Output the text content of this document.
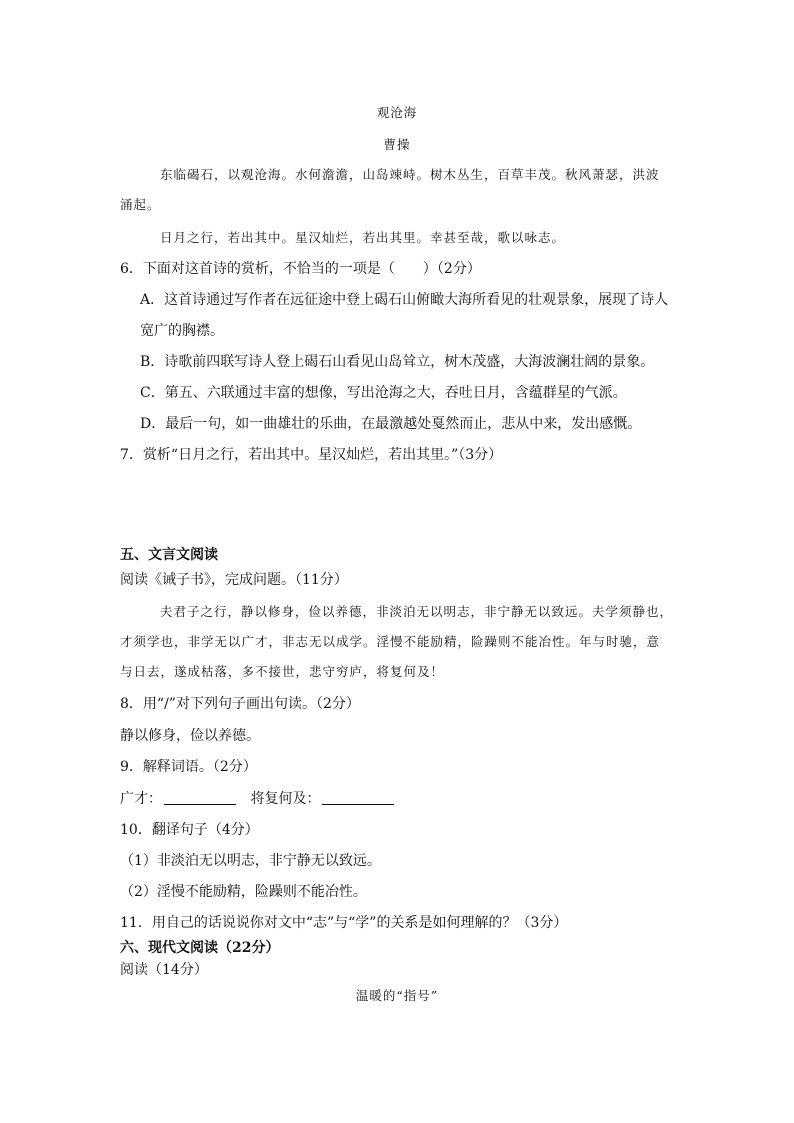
观沧海
曹操
东临碣石，以观沧海。水何澹澹，山岛竦峙。树木丛生，百草丰茂。秋风萧瑟，洪波
涌起。
日月之行，若出其中。星汉灿烂，若出其里。幸甚至哉，歌以咏志。
6．下面对这首诗的赏析，不恰当的一项是（　　）（2分）
A．这首诗通过写作者在远征途中登上碣石山俯瞰大海所看见的壮观景象，展现了诗人
宽广的胸襟。
B．诗歌前四联写诗人登上碣石山看见山岛耸立，树木茂盛，大海波澜壮阔的景象。
C．第五、六联通过丰富的想像，写出沧海之大，吞吐日月，含蕴群星的气派。
D．最后一句，如一曲雄壮的乐曲，在最激越处戛然而止，悲从中来，发出感慨。
7．赏析“日月之行，若出其中。星汉灿烂，若出其里。”（3分）
五、文言文阅读
阅读《诫子书》，完成问题。（11分）
夫君子之行，静以修身，俭以养德，非淡泊无以明志，非宁静无以致远。夫学须静也，
才须学也，非学无以广才，非志无以成学。淫慢不能励精，险躁则不能冶性。年与时驰，意
与日去，遂成枯落，多不接世，悲守穷庐，将复何及！
8．用“/”对下列句子画出句读。（2分）
静以修身，俭以养德。
9．解释词语。（2分）
广才：	将复何及：
10．翻译句子（4分）
（1）非淡泊无以明志，非宁静无以致远。
（2）淫慢不能励精，险躁则不能冶性。
11．用自己的话说说你对文中“志”与“学”的关系是如何理解的？（3分）
六、现代文阅读（22分）
阅读（14分）
温暖的“指号”
